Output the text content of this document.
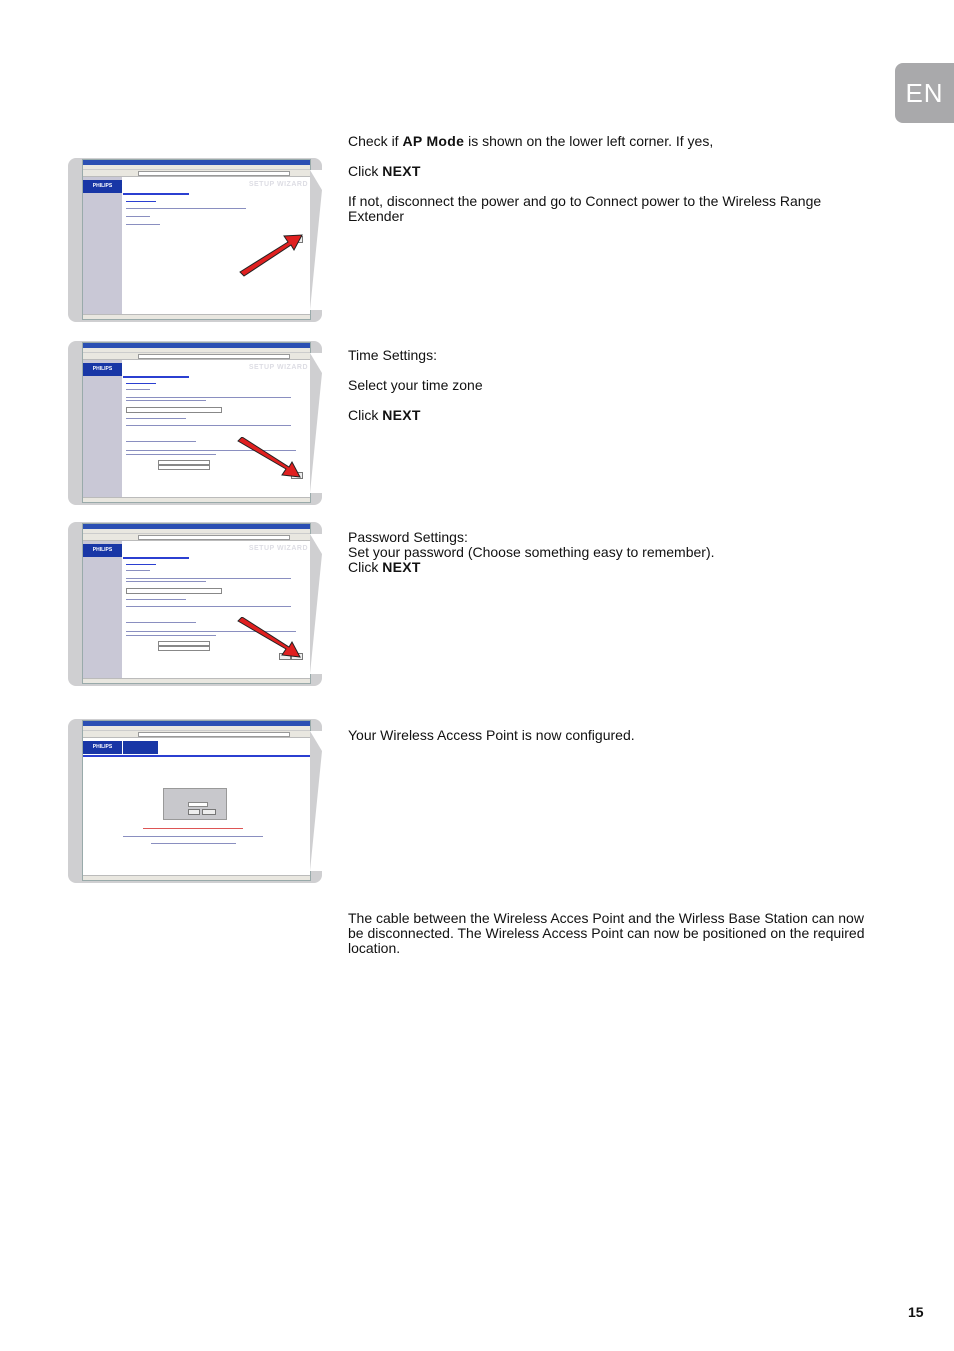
EN
PHILIPS	SETUP WIZARD

Check if AP Mode is shown on the lower left corner. If yes,

Click NEXT

If not, disconnect the power and go to Connect power to the Wireless Range Extender

PHILIPS	SETUP WIZARD

Time Settings:

Select your time zone

Click NEXT

PHILIPS	SETUP WIZARD

Password Settings:

Set your password (Choose something easy to remember).

Click NEXT

PHILIPS

Your Wireless Access Point is now configured.

The cable between the Wireless Acces Point and the Wirless Base Station can now be disconnected. The Wireless Access Point can now be positioned on the required location.

15
